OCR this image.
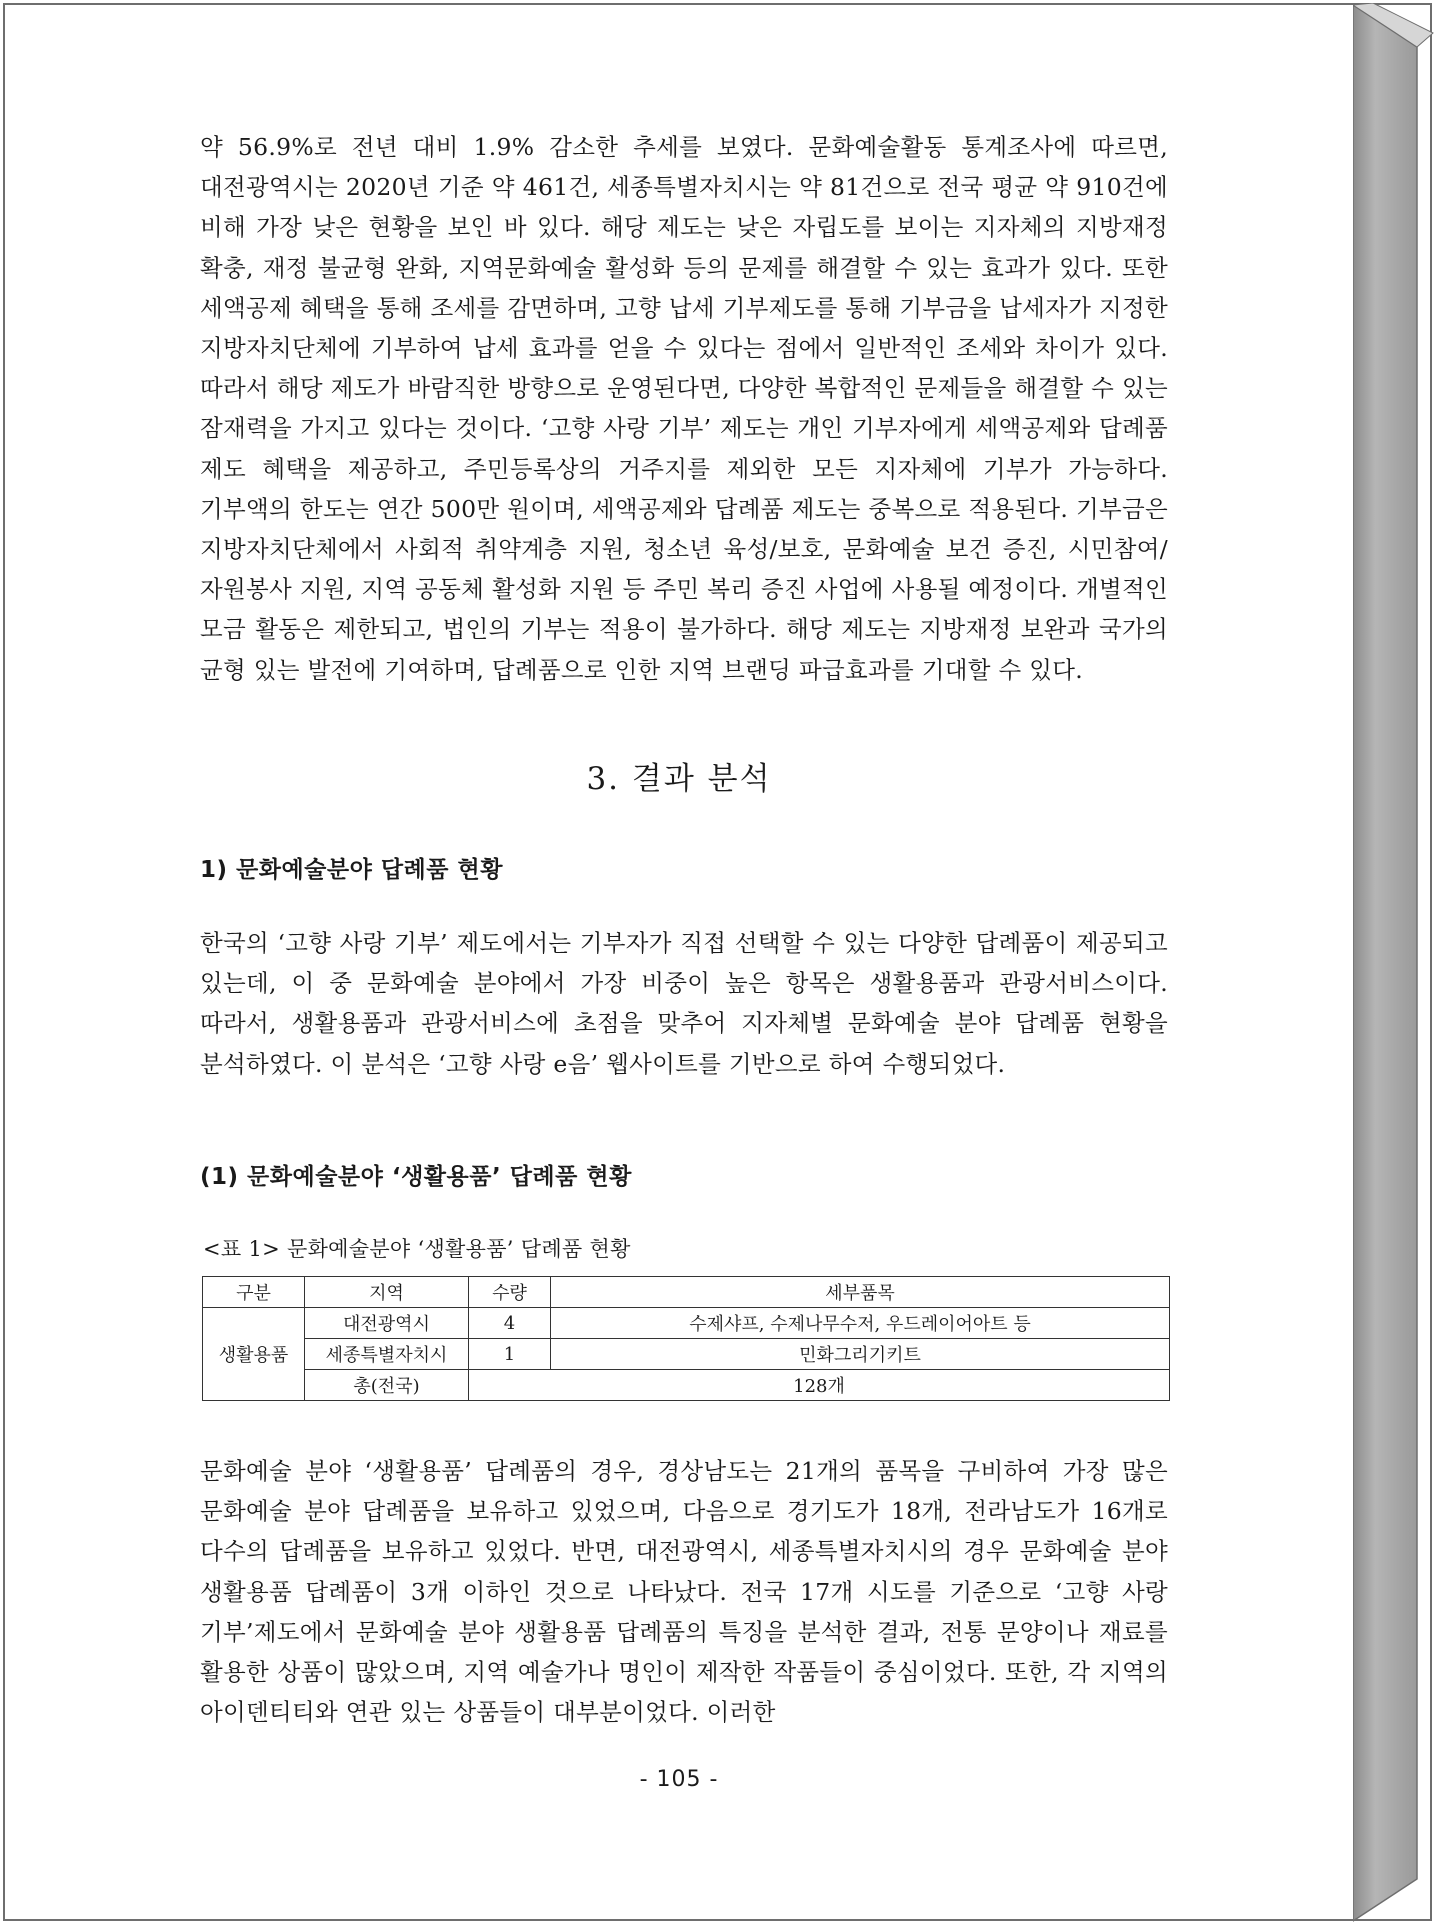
약 56.9%로 전년 대비 1.9% 감소한 추세를 보였다. 문화예술활동 통계조사에 따르면, 대전광역시는 2020년 기준 약 461건, 세종특별자치시는 약 81건으로 전국 평균 약 910건에 비해 가장 낮은 현황을 보인 바 있다. 해당 제도는 낮은 자립도를 보이는 지자체의 지방재정 확충, 재정 불균형 완화, 지역문화예술 활성화 등의 문제를 해결할 수 있는 효과가 있다. 또한 세액공제 혜택을 통해 조세를 감면하며, 고향 납세 기부제도를 통해 기부금을 납세자가 지정한 지방자치단체에 기부하여 납세 효과를 얻을 수 있다는 점에서 일반적인 조세와 차이가 있다. 따라서 해당 제도가 바람직한 방향으로 운영된다면, 다양한 복합적인 문제들을 해결할 수 있는 잠재력을 가지고 있다는 것이다. ‘고향 사랑 기부’ 제도는 개인 기부자에게 세액공제와 답례품 제도 혜택을 제공하고, 주민등록상의 거주지를 제외한 모든 지자체에 기부가 가능하다. 기부액의 한도는 연간 500만 원이며, 세액공제와 답례품 제도는 중복으로 적용된다. 기부금은 지방자치단체에서 사회적 취약계층 지원, 청소년 육성/보호, 문화예술 보건 증진, 시민참여/자원봉사 지원, 지역 공동체 활성화 지원 등 주민 복리 증진 사업에 사용될 예정이다. 개별적인 모금 활동은 제한되고, 법인의 기부는 적용이 불가하다. 해당 제도는 지방재정 보완과 국가의 균형 있는 발전에 기여하며, 답례품으로 인한 지역 브랜딩 파급효과를 기대할 수 있다.
3. 결과 분석
1) 문화예술분야 답례품 현황
한국의 ‘고향 사랑 기부’ 제도에서는 기부자가 직접 선택할 수 있는 다양한 답례품이 제공되고 있는데, 이 중 문화예술 분야에서 가장 비중이 높은 항목은 생활용품과 관광서비스이다. 따라서, 생활용품과 관광서비스에 초점을 맞추어 지자체별 문화예술 분야 답례품 현황을 분석하였다. 이 분석은 ‘고향 사랑 e음’ 웹사이트를 기반으로 하여 수행되었다.
(1) 문화예술분야 ‘생활용품’ 답례품 현황
<표 1> 문화예술분야 ‘생활용품’ 답례품 현황
구분	지역	수량	세부품목
생활용품	대전광역시	4	수제샤프, 수제나무수저, 우드레이어아트 등
	세종특별자치시	1	민화그리기키트
	총(전국)	128개	
문화예술 분야 ‘생활용품’ 답례품의 경우, 경상남도는 21개의 품목을 구비하여 가장 많은 문화예술 분야 답례품을 보유하고 있었으며, 다음으로 경기도가 18개, 전라남도가 16개로 다수의 답례품을 보유하고 있었다. 반면, 대전광역시, 세종특별자치시의 경우 문화예술 분야 생활용품 답례품이 3개 이하인 것으로 나타났다. 전국 17개 시도를 기준으로 ‘고향 사랑 기부’제도에서 문화예술 분야 생활용품 답례품의 특징을 분석한 결과, 전통 문양이나 재료를 활용한 상품이 많았으며, 지역 예술가나 명인이 제작한 작품들이 중심이었다. 또한, 각 지역의 아이덴티티와 연관 있는 상품들이 대부분이었다. 이러한
- 105 -
